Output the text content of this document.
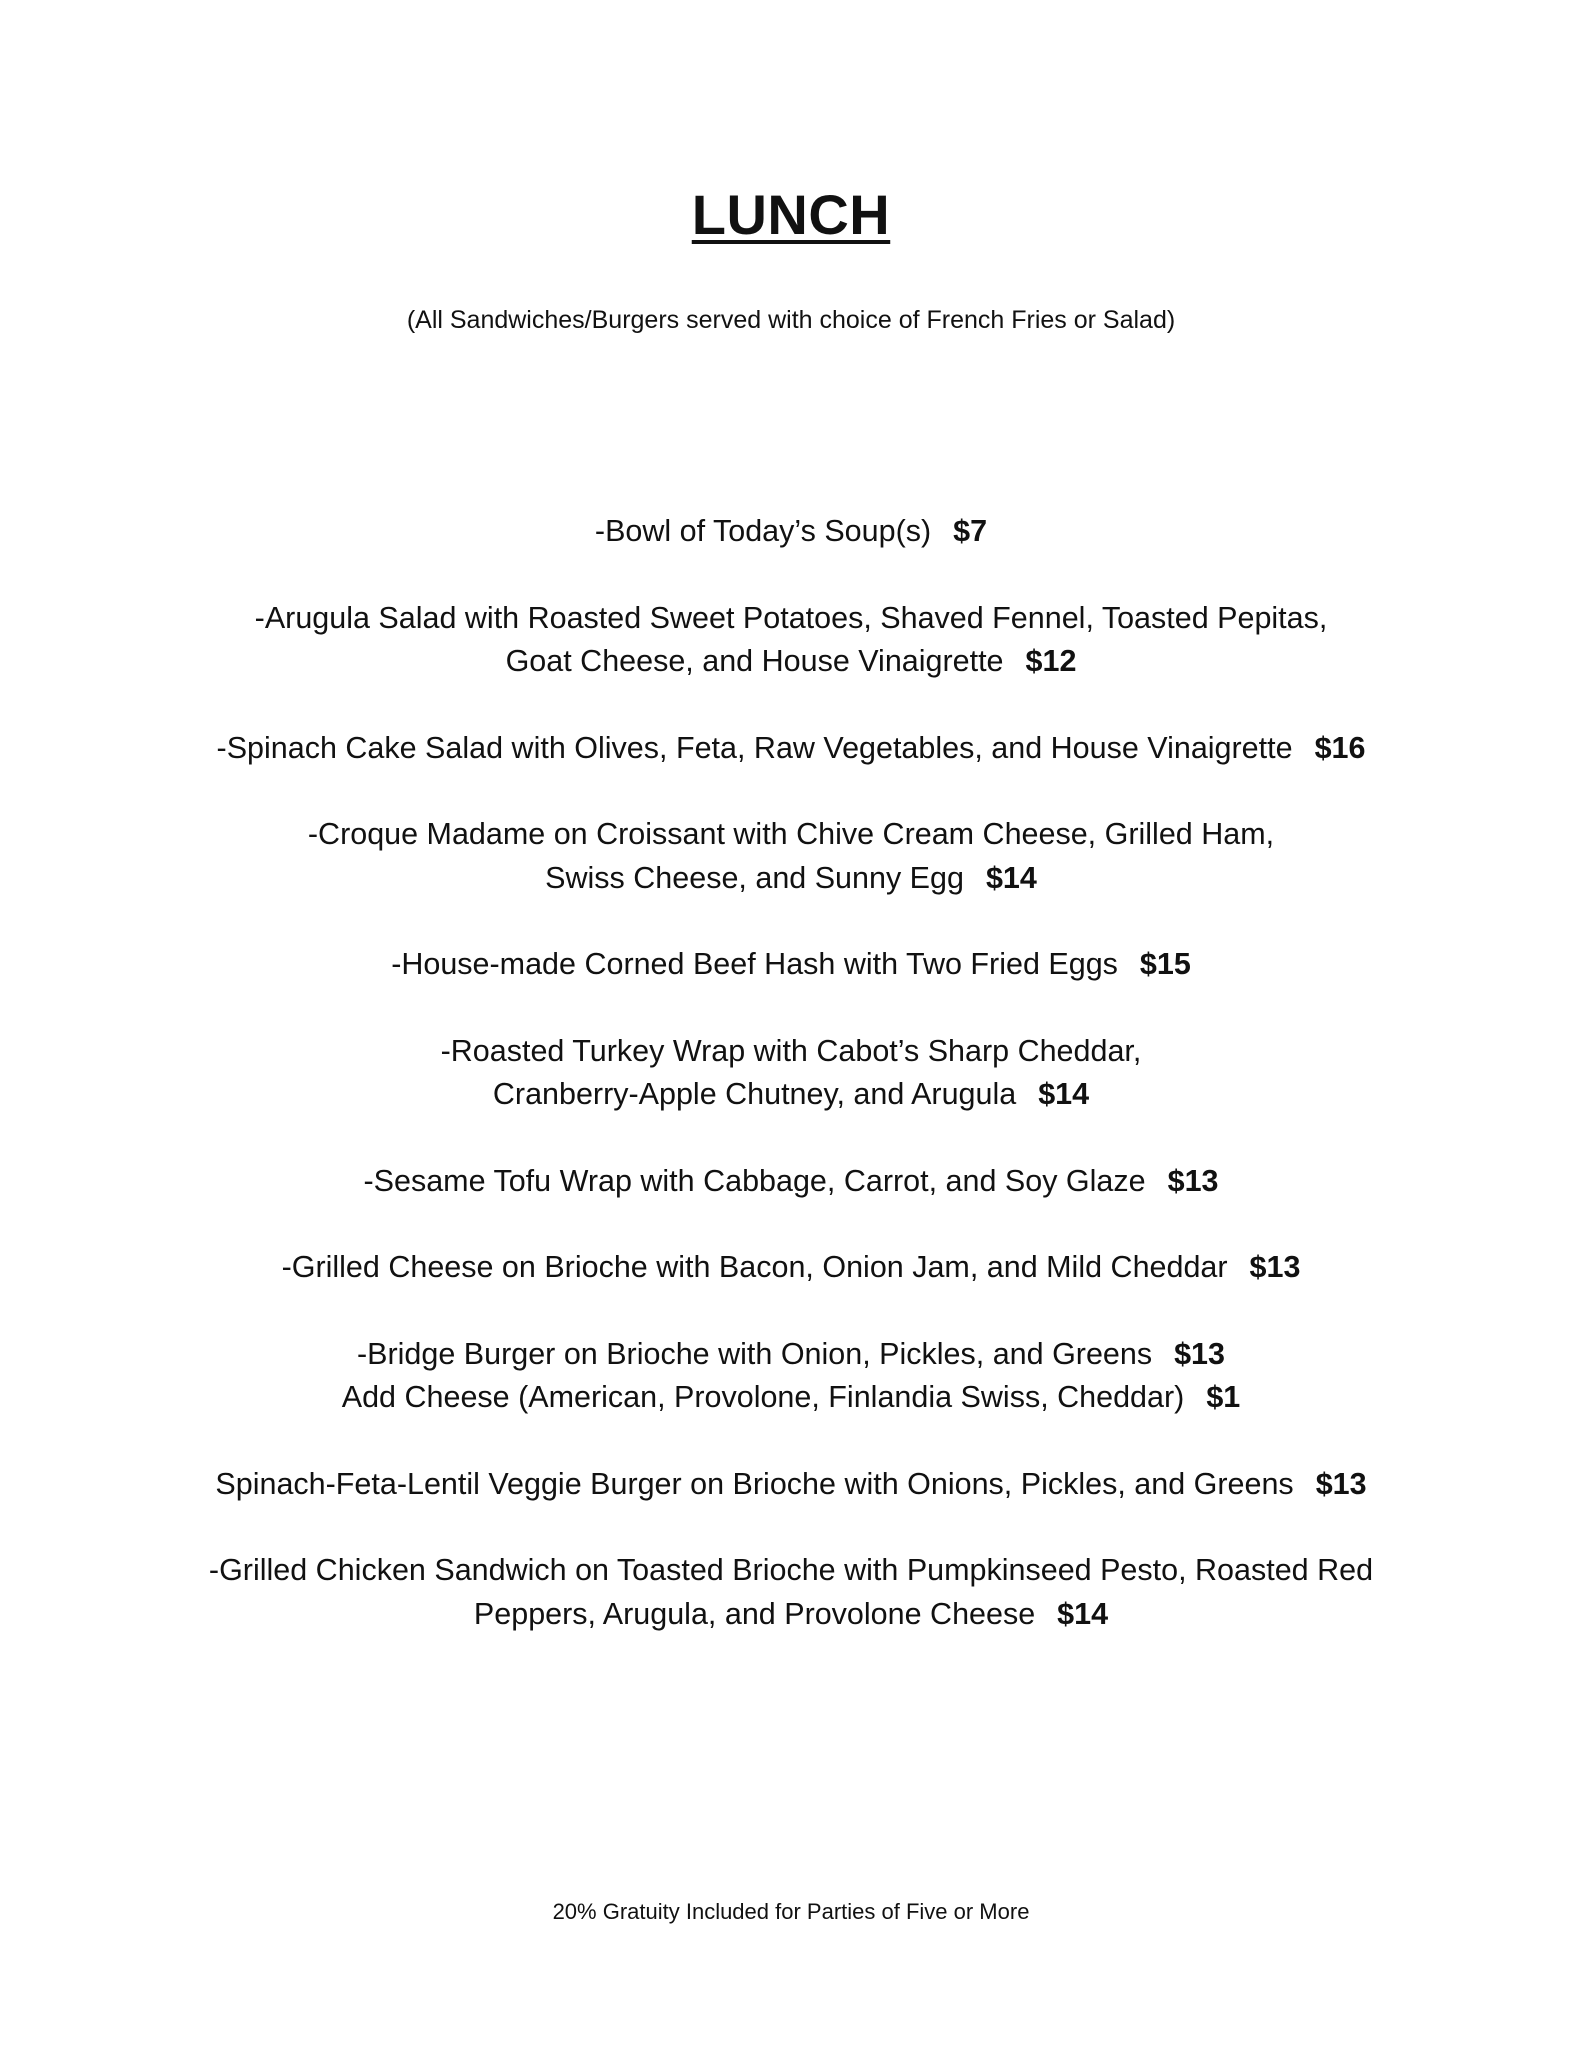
LUNCH
(All Sandwiches/Burgers served with choice of French Fries or Salad)
-Bowl of Today’s Soup(s) $7
-Arugula Salad with Roasted Sweet Potatoes, Shaved Fennel, Toasted Pepitas,
Goat Cheese, and House Vinaigrette $12
-Spinach Cake Salad with Olives, Feta, Raw Vegetables, and House Vinaigrette $16
-Croque Madame on Croissant with Chive Cream Cheese, Grilled Ham,
Swiss Cheese, and Sunny Egg $14
-House-made Corned Beef Hash with Two Fried Eggs $15
-Roasted Turkey Wrap with Cabot’s Sharp Cheddar,
Cranberry-Apple Chutney, and Arugula $14
-Sesame Tofu Wrap with Cabbage, Carrot, and Soy Glaze $13
-Grilled Cheese on Brioche with Bacon, Onion Jam, and Mild Cheddar $13
-Bridge Burger on Brioche with Onion, Pickles, and Greens $13
Add Cheese (American, Provolone, Finlandia Swiss, Cheddar) $1
Spinach-Feta-Lentil Veggie Burger on Brioche with Onions, Pickles, and Greens $13
-Grilled Chicken Sandwich on Toasted Brioche with Pumpkinseed Pesto, Roasted Red
Peppers, Arugula, and Provolone Cheese $14
20% Gratuity Included for Parties of Five or More
